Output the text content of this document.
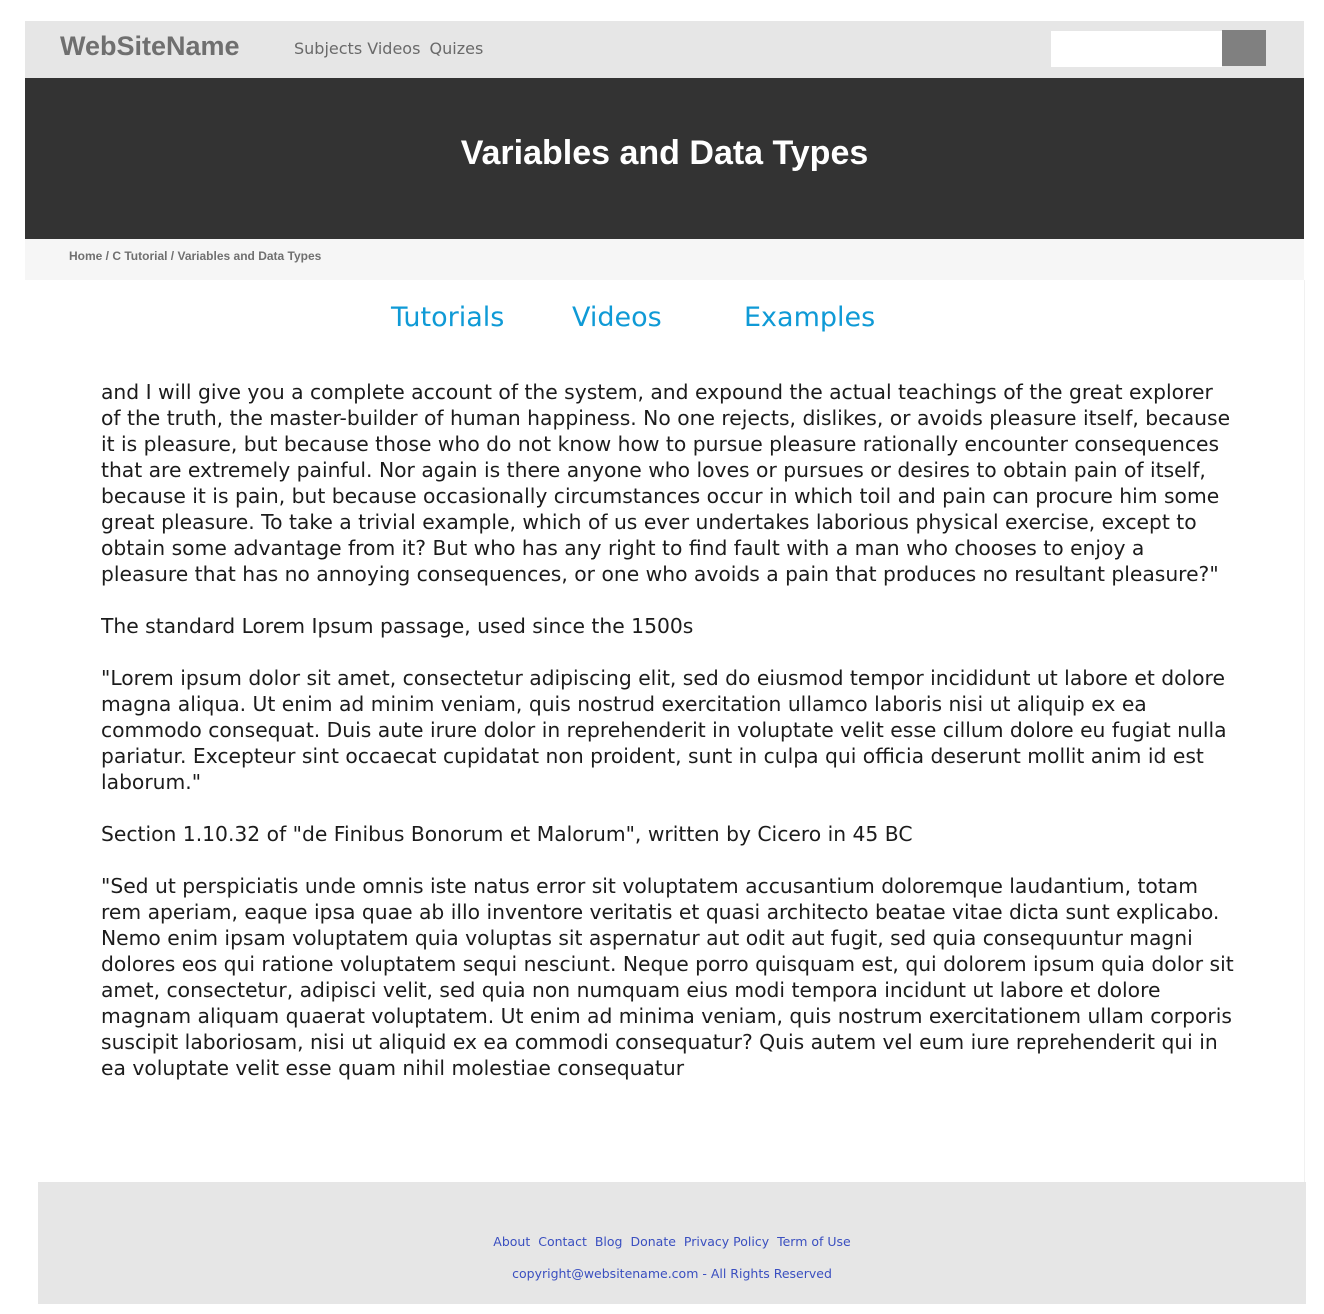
WebSiteName	Subjects Videos Quizes
Variables and Data Types
Home / C Tutorial / Variables and Data Types
Tutorials	Videos	Examples

and I will give you a complete account of the system, and expound the actual teachings of the great explorer of the truth, the master-builder of human happiness. No one rejects, dislikes, or avoids pleasure itself, because it is pleasure, but because those who do not know how to pursue pleasure rationally encounter consequences that are extremely painful. Nor again is there anyone who loves or pursues or desires to obtain pain of itself, because it is pain, but because occasionally circumstances occur in which toil and pain can procure him some great pleasure. To take a trivial example, which of us ever undertakes laborious physical exercise, except to obtain some advantage from it? But who has any right to find fault with a man who chooses to enjoy a pleasure that has no annoying consequences, or one who avoids a pain that produces no resultant pleasure?"

The standard Lorem Ipsum passage, used since the 1500s

"Lorem ipsum dolor sit amet, consectetur adipiscing elit, sed do eiusmod tempor incididunt ut labore et dolore magna aliqua. Ut enim ad minim veniam, quis nostrud exercitation ullamco laboris nisi ut aliquip ex ea commodo consequat. Duis aute irure dolor in reprehenderit in voluptate velit esse cillum dolore eu fugiat nulla pariatur. Excepteur sint occaecat cupidatat non proident, sunt in culpa qui officia deserunt mollit anim id est laborum."

Section 1.10.32 of "de Finibus Bonorum et Malorum", written by Cicero in 45 BC

"Sed ut perspiciatis unde omnis iste natus error sit voluptatem accusantium doloremque laudantium, totam rem aperiam, eaque ipsa quae ab illo inventore veritatis et quasi architecto beatae vitae dicta sunt explicabo. Nemo enim ipsam voluptatem quia voluptas sit aspernatur aut odit aut fugit, sed quia consequuntur magni dolores eos qui ratione voluptatem sequi nesciunt. Neque porro quisquam est, qui dolorem ipsum quia dolor sit amet, consectetur, adipisci velit, sed quia non numquam eius modi tempora incidunt ut labore et dolore magnam aliquam quaerat voluptatem. Ut enim ad minima veniam, quis nostrum exercitationem ullam corporis suscipit laboriosam, nisi ut aliquid ex ea commodi consequatur? Quis autem vel eum iure reprehenderit qui in ea voluptate velit esse quam nihil molestiae consequatur

About Contact Blog Donate Privacy Policy Term of Use
copyright@websitename.com - All Rights Reserved
